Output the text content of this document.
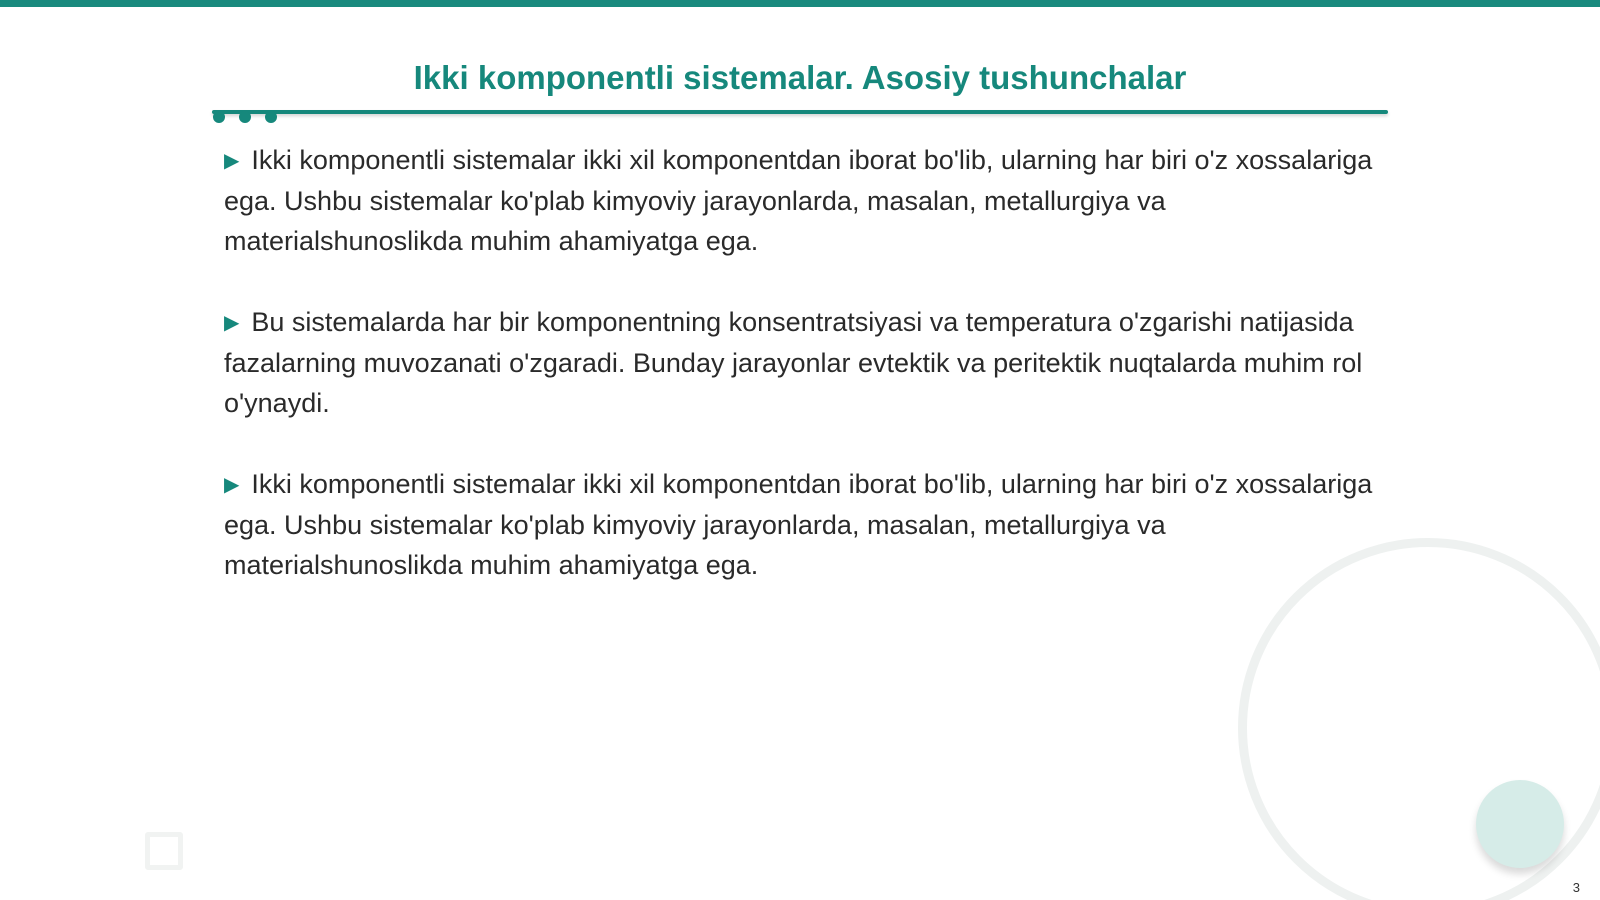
Ikki komponentli sistemalar. Asosiy tushunchalar

▶ Ikki komponentli sistemalar ikki xil komponentdan iborat bo'lib, ularning har biri o'z xossalariga ega. Ushbu sistemalar ko'plab kimyoviy jarayonlarda, masalan, metallurgiya va materialshunoslikda muhim ahamiyatga ega.

▶ Bu sistemalarda har bir komponentning konsentratsiyasi va temperatura o'zgarishi natijasida fazalarning muvozanati o'zgaradi. Bunday jarayonlar evtektik va peritektik nuqtalarda muhim rol o'ynaydi.

▶ Ikki komponentli sistemalar ikki xil komponentdan iborat bo'lib, ularning har biri o'z xossalariga ega. Ushbu sistemalar ko'plab kimyoviy jarayonlarda, masalan, metallurgiya va materialshunoslikda muhim ahamiyatga ega.

3
